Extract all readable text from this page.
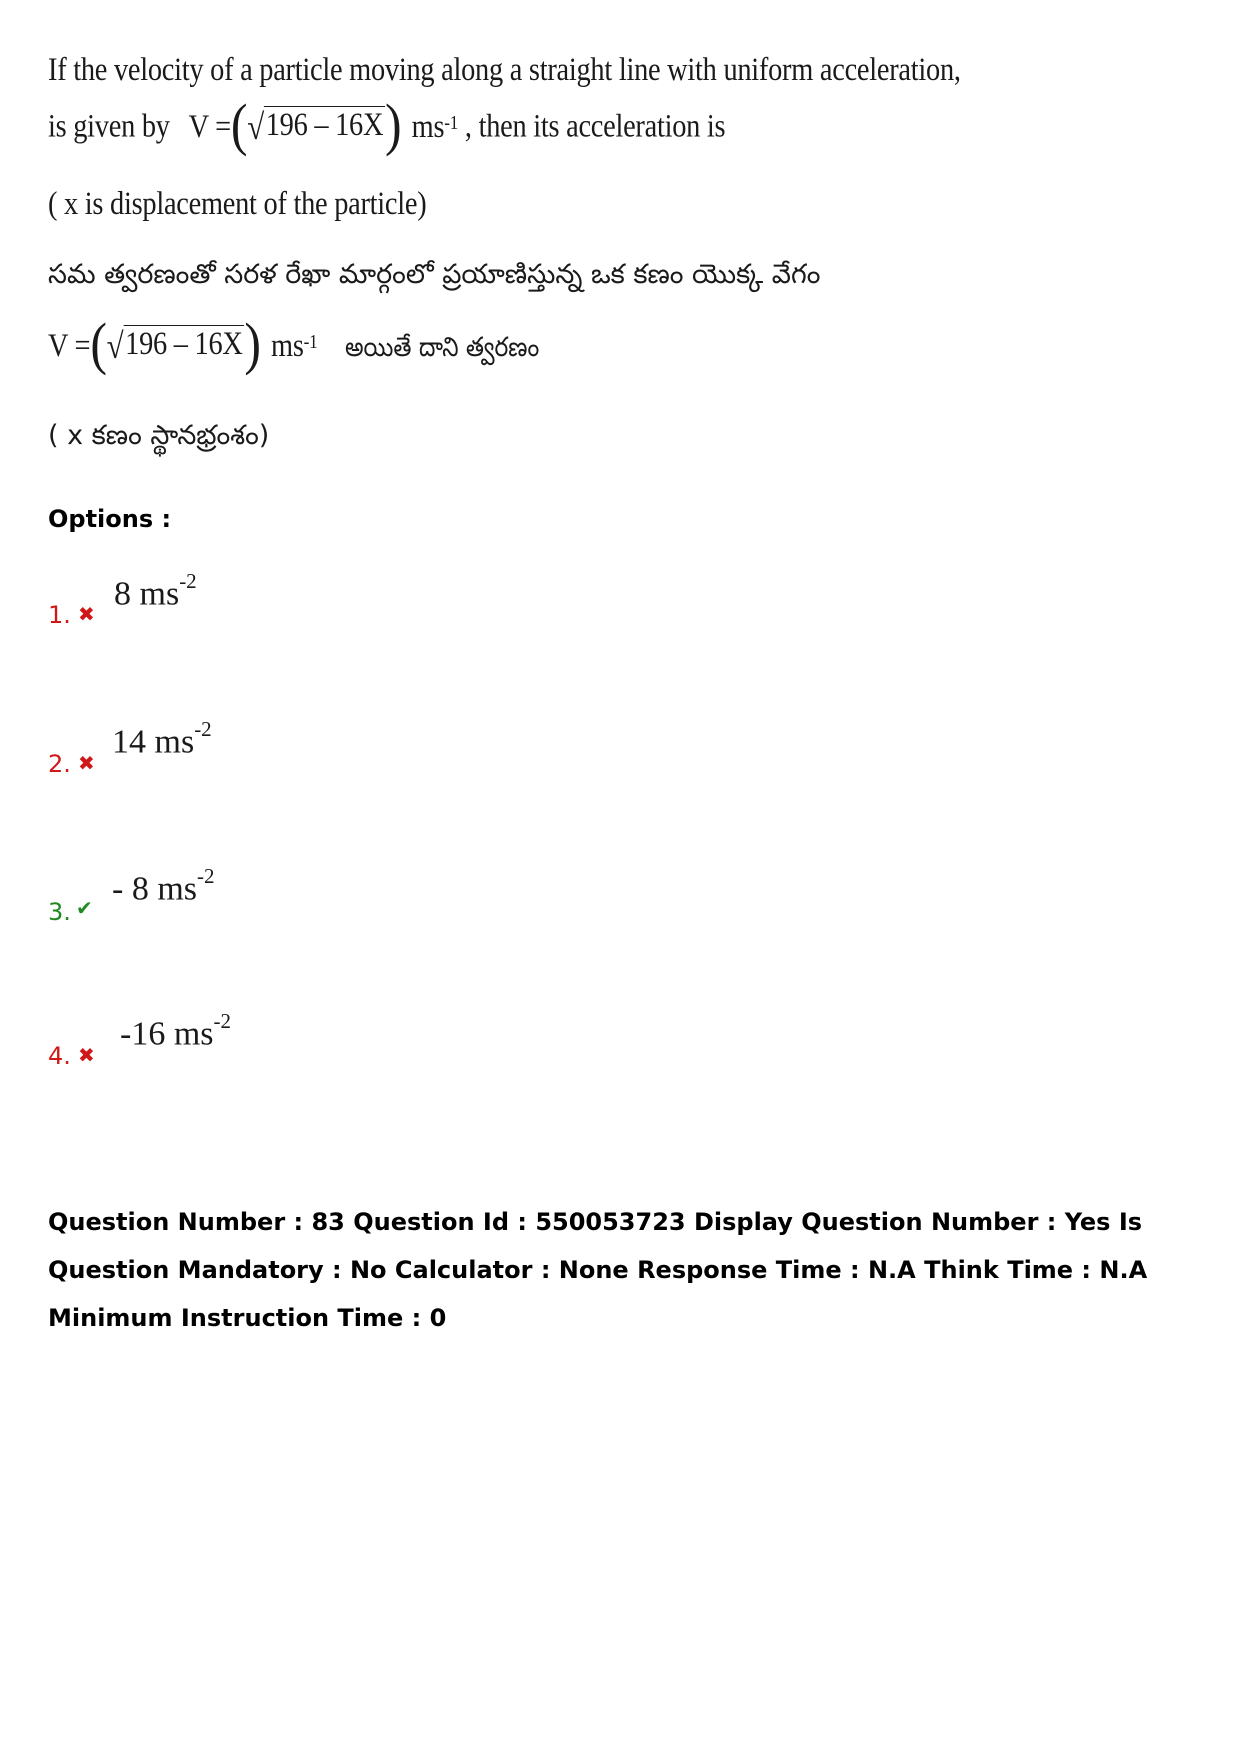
If the velocity of a particle moving along a straight line with uniform acceleration,
is given by V = ( √ 196 – 16X ) $ms^{-1}$ , then its acceleration is
( x is displacement of the particle)
సమ త్వరణంతో సరళ రేఖా మార్గంలో ప్రయాణిస్తున్న ఒక కణం యొక్క వేగం
V = ( √ 196 – 16X ) $ms^{-1}$ అయితే దాని త్వరణం
( x కణం స్థానభ్రంశం)
Options :
1. ✖
8 $ms^{-2}$
2. ✖
14 $ms^{-2}$
3. ✔
- 8 $ms^{-2}$
4. ✖
-16 $ms^{-2}$
Question Number : 83 Question Id : 550053723 Display Question Number : Yes Is Question Mandatory : No Calculator : None Response Time : N.A Think Time : N.A Minimum Instruction Time : 0
